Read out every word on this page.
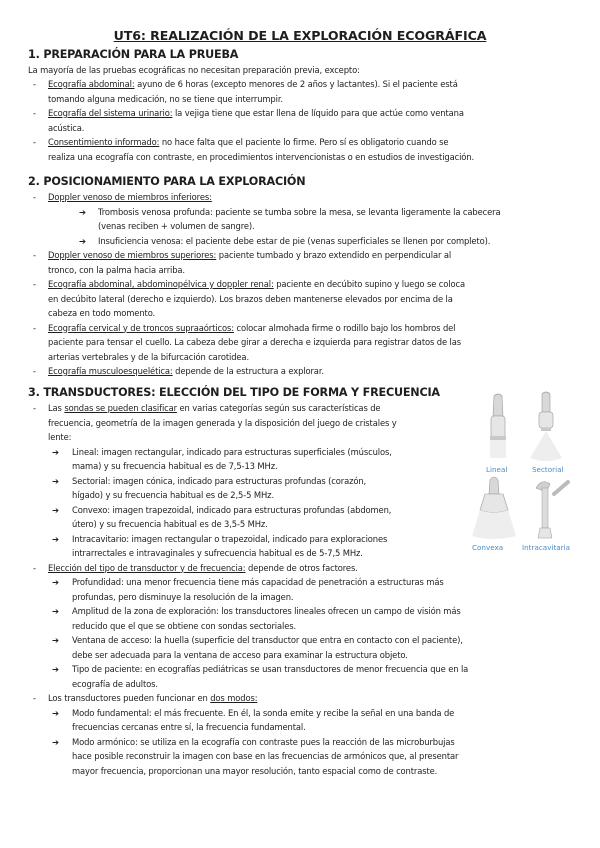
UT6: REALIZACIÓN DE LA EXPLORACIÓN ECOGRÁFICA
1. PREPARACIÓN PARA LA PRUEBA
La mayoría de las pruebas ecográficas no necesitan preparación previa, excepto:
- Ecografía abdominal: ayuno de 6 horas (excepto menores de 2 años y lactantes). Si el paciente está
tomando alguna medicación, no se tiene que interrumpir.
- Ecografía del sistema urinario: la vejiga tiene que estar llena de líquido para que actúe como ventana
acústica.
- Consentimiento informado: no hace falta que el paciente lo firme. Pero sí es obligatorio cuando se
realiza una ecografía con contraste, en procedimientos intervencionistas o en estudios de investigación.
2. POSICIONAMIENTO PARA LA EXPLORACIÓN
- Doppler venoso de miembros inferiores:
➔ Trombosis venosa profunda: paciente se tumba sobre la mesa, se levanta ligeramente la cabecera
(venas reciben + volumen de sangre).
➔ Insuficiencia venosa: el paciente debe estar de pie (venas superficiales se llenen por completo).
- Doppler venoso de miembros superiores: paciente tumbado y brazo extendido en perpendicular al
tronco, con la palma hacia arriba.
- Ecografía abdominal, abdominopélvica y doppler renal: paciente en decúbito supino y luego se coloca
en decúbito lateral (derecho e izquierdo). Los brazos deben mantenerse elevados por encima de la
cabeza en todo momento.
- Ecografía cervical y de troncos supraaórticos: colocar almohada firme o rodillo bajo los hombros del
paciente para tensar el cuello. La cabeza debe girar a derecha e izquierda para registrar datos de las
arterias vertebrales y de la bifurcación carotidea.
- Ecografía musculoesquelética: depende de la estructura a explorar.
3. TRANSDUCTORES: ELECCIÓN DEL TIPO DE FORMA Y FRECUENCIA
- Las sondas se pueden clasificar en varias categorías según sus características de
frecuencia, geometría de la imagen generada y la disposición del juego de cristales y
lente:
➔ Lineal: imagen rectangular, indicado para estructuras superficiales (músculos,
mama) y su frecuencia habitual es de 7,5-13 MHz.
➔ Sectorial: imagen cónica, indicado para estructuras profundas (corazón,
hígado) y su frecuencia habitual es de 2,5-5 MHz.
➔ Convexo: imagen trapezoidal, indicado para estructuras profundas (abdomen,
útero) y su frecuencia habitual es de 3,5-5 MHz.
➔ Intracavitario: imagen rectangular o trapezoidal, indicado para exploraciones
intrarrectales e intravaginales y sufrecuencia habitual es de 5-7,5 MHz.
- Elección del tipo de transductor y de frecuencia: depende de otros factores.
➔ Profundidad: una menor frecuencia tiene más capacidad de penetración a estructuras más
profundas, pero disminuye la resolución de la imagen.
➔ Amplitud de la zona de exploración: los transductores lineales ofrecen un campo de visión más
reducido que el que se obtiene con sondas sectoriales.
➔ Ventana de acceso: la huella (superficie del transductor que entra en contacto con el paciente),
debe ser adecuada para la ventana de acceso para examinar la estructura objeto.
➔ Tipo de paciente: en ecografías pediátricas se usan transductores de menor frecuencia que en la
ecografía de adultos.
- Los transductores pueden funcionar en dos modos:
➔ Modo fundamental: el más frecuente. En él, la sonda emite y recibe la señal en una banda de
frecuencias cercanas entre sí, la frecuencia fundamental.
➔ Modo armónico: se utiliza en la ecografía con contraste pues la reacción de las microburbujas
hace posible reconstruir la imagen con base en las frecuencias de armónicos que, al presentar
mayor frecuencia, proporcionan una mayor resolución, tanto espacial como de contraste.
Lineal	Sectorial
Convexa	Intracavitaria
